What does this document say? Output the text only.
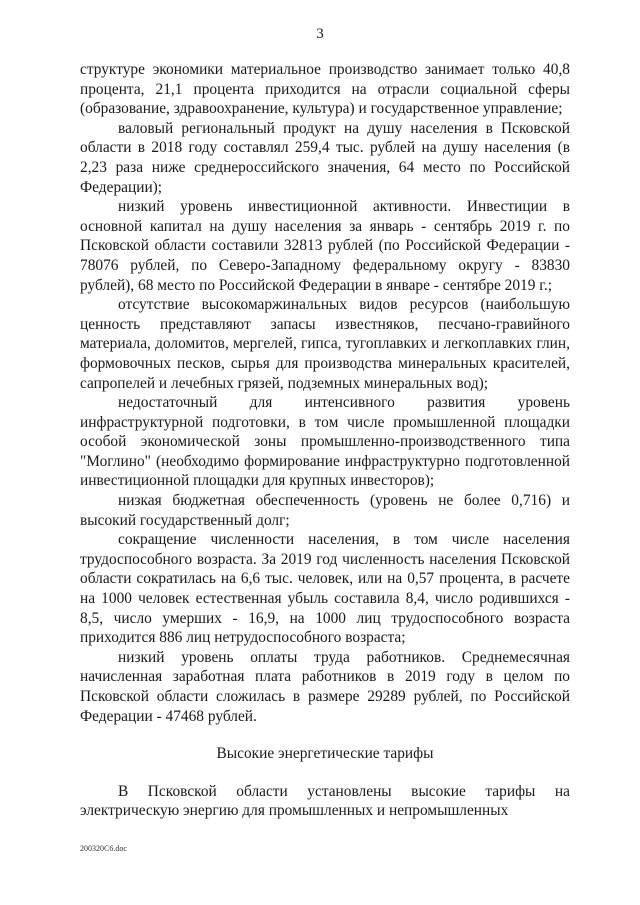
3

структуре экономики материальное производство занимает только 40,8 процента, 21,1 процента приходится на отрасли социальной сферы (образование, здравоохранение, культура) и государственное управление;

валовый региональный продукт на душу населения в Псковской области в 2018 году составлял 259,4 тыс. рублей на душу населения (в 2,23 раза ниже среднероссийского значения, 64 место по Российской Федерации);

низкий уровень инвестиционной активности. Инвестиции в основной капитал на душу населения за январь - сентябрь 2019 г. по Псковской области составили 32813 рублей (по Российской Федерации - 78076 рублей, по Северо-Западному федеральному округу - 83830 рублей), 68 место по Российской Федерации в январе - сентябре 2019 г.;

отсутствие высокомаржинальных видов ресурсов (наибольшую ценность представляют запасы известняков, песчано-гравийного материала, доломитов, мергелей, гипса, тугоплавких и легкоплавких глин, формовочных песков, сырья для производства минеральных красителей, сапропелей и лечебных грязей, подземных минеральных вод);

недостаточный для интенсивного развития уровень инфраструктурной подготовки, в том числе промышленной площадки особой экономической зоны промышленно-производственного типа "Моглино" (необходимо формирование инфраструктурно подготовленной инвестиционной площадки для крупных инвесторов);

низкая бюджетная обеспеченность (уровень не более 0,716) и высокий государственный долг;

сокращение численности населения, в том числе населения трудоспособного возраста. За 2019 год численность населения Псковской области сократилась на 6,6 тыс. человек, или на 0,57 процента, в расчете на 1000 человек естественная убыль составила 8,4, число родившихся - 8,5, число умерших - 16,9, на 1000 лиц трудоспособного возраста приходится 886 лиц нетрудоспособного возраста;

низкий уровень оплаты труда работников. Среднемесячная начисленная заработная плата работников в 2019 году в целом по Псковской области сложилась в размере 29289 рублей, по Российской Федерации - 47468 рублей.

Высокие энергетические тарифы

В Псковской области установлены высокие тарифы на электрическую энергию для промышленных и непромышленных

200320С6.doc
